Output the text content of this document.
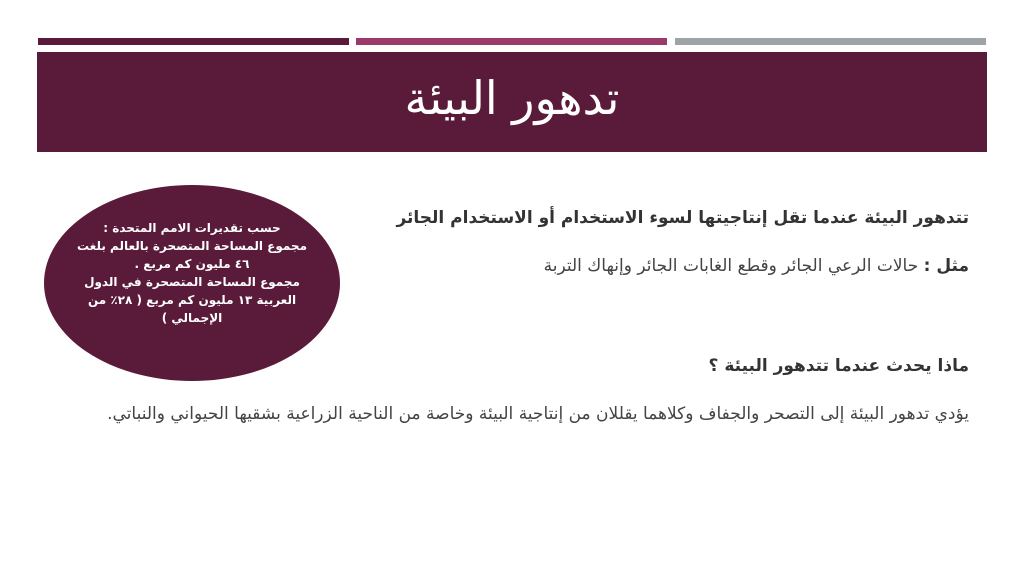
تدهور البيئة
تتدهور البيئة عندما تقل إنتاجيتها لسوء الاستخدام أو الاستخدام الجائر
مثل : حالات الرعي الجائر وقطع الغابات الجائر وإنهاك التربة
ماذا يحدث عندما تتدهور البيئة ؟
يؤدي تدهور البيئة إلى التصحر والجفاف وكلاهما يقللان من إنتاجية البيئة وخاصة من الناحية الزراعية بشقيها الحيواني والنباتي.
حسب تقديرات الامم المتحدة :
مجموع المساحة المتصحرة بالعالم بلغت
٤٦ مليون كم مربع .
مجموع المساحة المتصحرة في الدول
العربية ١٣ مليون كم مربع ( ٢٨٪ من
الإجمالي )
